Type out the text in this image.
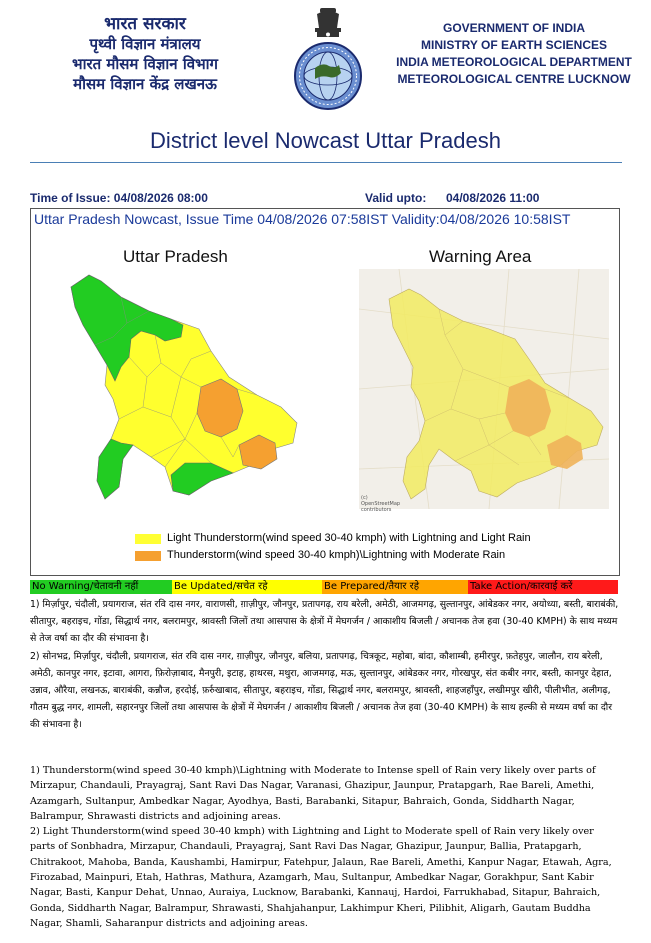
भारत सरकार
पृथ्वी विज्ञान मंत्रालय
भारत मौसम विज्ञान विभाग
मौसम विज्ञान केंद्र लखनऊ
GOVERNMENT OF INDIA
MINISTRY OF EARTH SCIENCES
INDIA METEOROLOGICAL DEPARTMENT
METEOROLOGICAL CENTRE LUCKNOW
District level Nowcast Uttar Pradesh
Time of Issue: 04/08/2026 08:00	Valid upto: 04/08/2026 11:00
Uttar Pradesh Nowcast, Issue Time 04/08/2026 07:58IST Validity:04/08/2026 10:58IST
Uttar Pradesh	Warning Area
(c)
OpenStreetMap
contributors
Light Thunderstorm(wind speed 30-40 kmph) with Lightning and Light Rain
Thunderstorm(wind speed 30-40 kmph)\Lightning with Moderate Rain
No Warning/चेतावनी नहीं	Be Updated/सचेत रहे	Be Prepared/तैयार रहे	Take Action/कारवाई करें

1) मिर्ज़ापुर, चंदौली, प्रयागराज, संत रवि दास नगर, वाराणसी, ग़ाज़ीपुर, जौनपुर, प्रतापगढ़, राय बरेली, अमेठी, आजमगढ़, सुल्तानपुर, आंबेडकर नगर, अयोध्या, बस्ती, बाराबंकी, सीतापुर, बहराइच, गोंडा, सिद्धार्थ नगर, बलरामपुर, श्रावस्ती जिलों तथा आसपास के क्षेत्रों में मेघगर्जन / आकाशीय बिजली / अचानक तेज हवा (30-40 KMPH) के साथ मध्यम से तेज वर्षा का दौर की संभावना है।

2) सोनभद्र, मिर्ज़ापुर, चंदौली, प्रयागराज, संत रवि दास नगर, ग़ाज़ीपुर, जौनपुर, बलिया, प्रतापगढ़, चित्रकूट, महोबा, बांदा, कौशाम्बी, हमीरपुर, फ़तेहपुर, जालौन, राय बरेली, अमेठी, कानपुर नगर, इटावा, आगरा, फ़िरोज़ाबाद, मैनपुरी, इटाह, हाथरस, मथुरा, आजमगढ़, मऊ, सुल्तानपुर, आंबेडकर नगर, गोरखपुर, संत कबीर नगर, बस्ती, कानपुर देहात, उन्नाव, औरैया, लखनऊ, बाराबंकी, कन्नौज, हरदोई, फ़र्रुखाबाद, सीतापुर, बहराइच, गोंडा, सिद्धार्थ नगर, बलरामपुर, श्रावस्ती, शाहजहाँपुर, लखीमपुर खीरी, पीलीभीत, अलीगढ़, गौतम बुद्ध नगर, शामली, सहारनपुर जिलों तथा आसपास के क्षेत्रों में मेघगर्जन / आकाशीय बिजली / अचानक तेज हवा (30-40 KMPH) के साथ हल्की से मध्यम वर्षा का दौर की संभावना है।

1) Thunderstorm(wind speed 30-40 kmph)\Lightning with Moderate to Intense spell of Rain very likely over parts of Mirzapur, Chandauli, Prayagraj, Sant Ravi Das Nagar, Varanasi, Ghazipur, Jaunpur, Pratapgarh, Rae Bareli, Amethi, Azamgarh, Sultanpur, Ambedkar Nagar, Ayodhya, Basti, Barabanki, Sitapur, Bahraich, Gonda, Siddharth Nagar, Balrampur, Shrawasti districts and adjoining areas.

2) Light Thunderstorm(wind speed 30-40 kmph) with Lightning and Light to Moderate spell of Rain very likely over parts of Sonbhadra, Mirzapur, Chandauli, Prayagraj, Sant Ravi Das Nagar, Ghazipur, Jaunpur, Ballia, Pratapgarh, Chitrakoot, Mahoba, Banda, Kaushambi, Hamirpur, Fatehpur, Jalaun, Rae Bareli, Amethi, Kanpur Nagar, Etawah, Agra, Firozabad, Mainpuri, Etah, Hathras, Mathura, Azamgarh, Mau, Sultanpur, Ambedkar Nagar, Gorakhpur, Sant Kabir Nagar, Basti, Kanpur Dehat, Unnao, Auraiya, Lucknow, Barabanki, Kannauj, Hardoi, Farrukhabad, Sitapur, Bahraich, Gonda, Siddharth Nagar, Balrampur, Shrawasti, Shahjahanpur, Lakhimpur Kheri, Pilibhit, Aligarh, Gautam Buddha Nagar, Shamli, Saharanpur districts and adjoining areas.
